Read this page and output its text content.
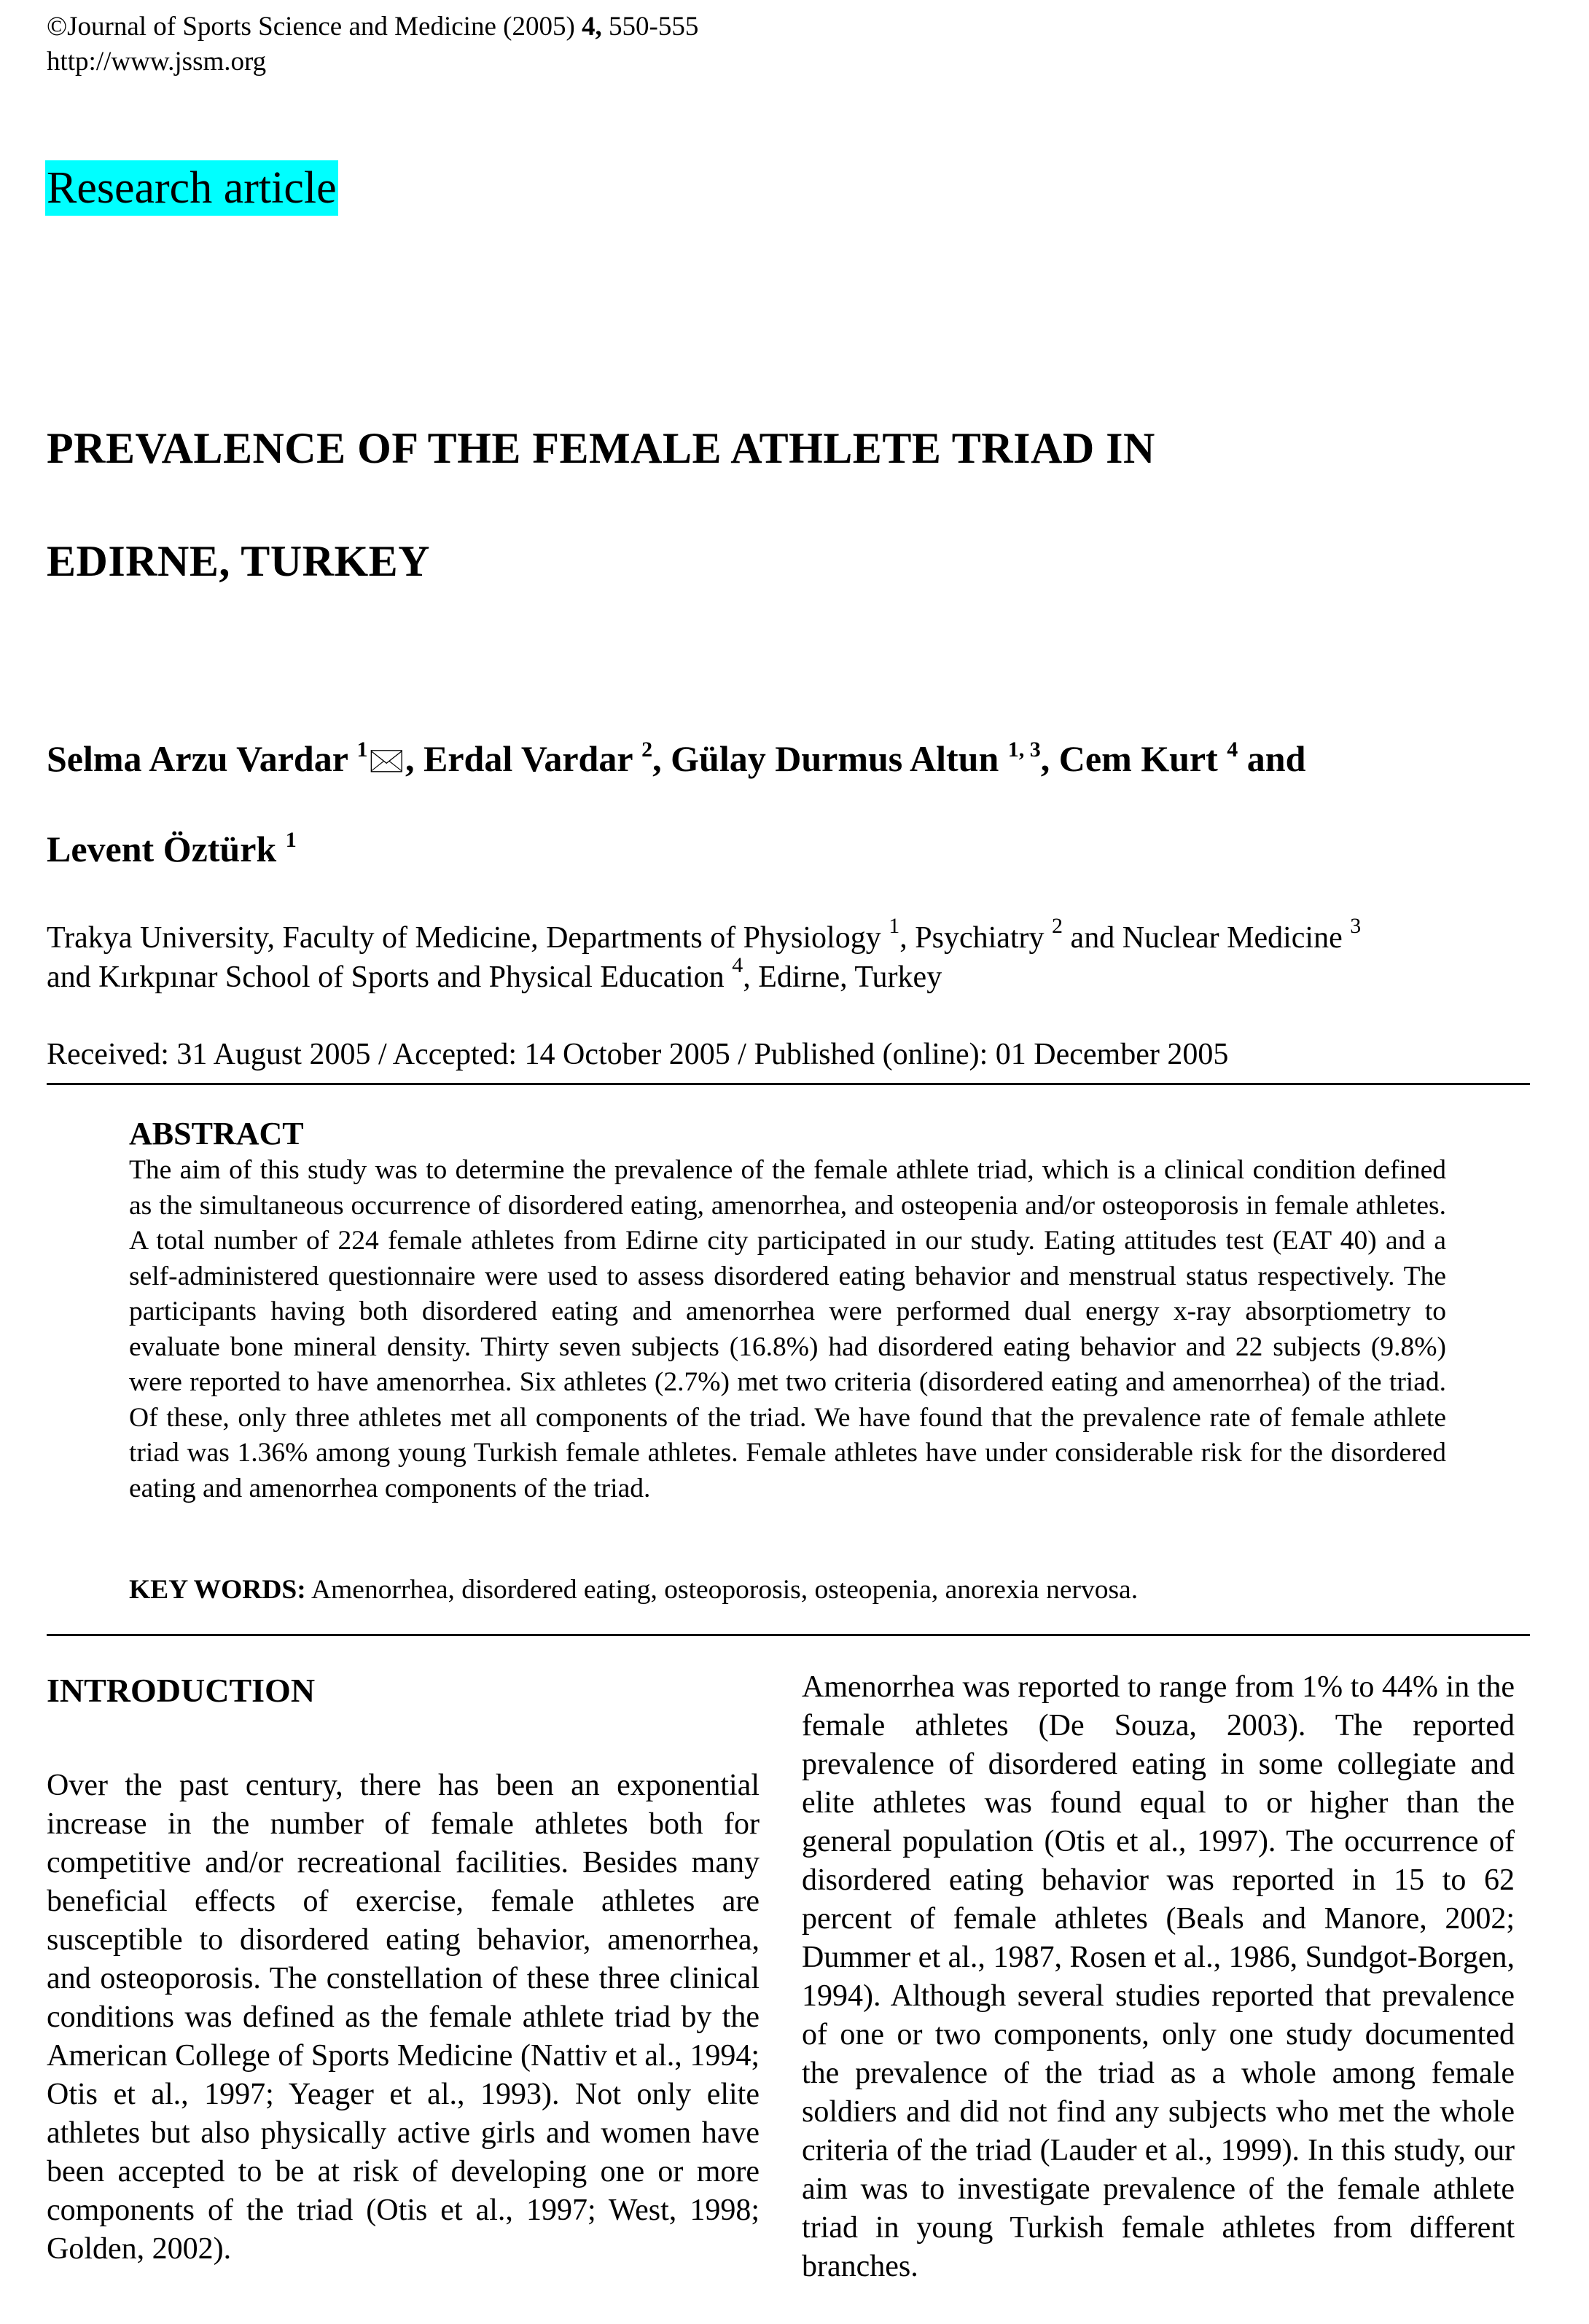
©Journal of Sports Science and Medicine (2005) 4, 550-555
http://www.jssm.org
Research article
PREVALENCE OF THE FEMALE ATHLETE TRIAD IN
EDIRNE, TURKEY
Selma Arzu Vardar $^1$🖂, Erdal Vardar $^2$, Gülay Durmus Altun $^{1, 3}$, Cem Kurt $^4$ and
Levent Öztürk $^1$
Trakya University, Faculty of Medicine, Departments of Physiology $^1$, Psychiatry $^2$ and Nuclear Medicine $^3$
and Kırkpınar School of Sports and Physical Education $^4$, Edirne, Turkey
Received: 31 August 2005 / Accepted: 14 October 2005 / Published (online): 01 December 2005
ABSTRACT
The aim of this study was to determine the prevalence of the female athlete triad, which is a clinical condition defined as the simultaneous occurrence of disordered eating, amenorrhea, and osteopenia and/or osteoporosis in female athletes. A total number of 224 female athletes from Edirne city participated in our study. Eating attitudes test (EAT 40) and a self-administered questionnaire were used to assess disordered eating behavior and menstrual status respectively. The participants having both disordered eating and amenorrhea were performed dual energy x-ray absorptiometry to evaluate bone mineral density. Thirty seven subjects (16.8%) had disordered eating behavior and 22 subjects (9.8%) were reported to have amenorrhea. Six athletes (2.7%) met two criteria (disordered eating and amenorrhea) of the triad. Of these, only three athletes met all components of the triad. We have found that the prevalence rate of female athlete triad was 1.36% among young Turkish female athletes. Female athletes have under considerable risk for the disordered eating and amenorrhea components of the triad.
KEY WORDS: Amenorrhea, disordered eating, osteoporosis, osteopenia, anorexia nervosa.
INTRODUCTION
Over the past century, there has been an exponential increase in the number of female athletes both for competitive and/or recreational facilities. Besides many beneficial effects of exercise, female athletes are susceptible to disordered eating behavior, amenorrhea, and osteoporosis. The constellation of these three clinical conditions was defined as the female athlete triad by the American College of Sports Medicine (Nattiv et al., 1994; Otis et al., 1997; Yeager et al., 1993). Not only elite athletes but also physically active girls and women have been accepted to be at risk of developing one or more components of the triad (Otis et al., 1997; West, 1998; Golden, 2002).
Amenorrhea was reported to range from 1% to 44% in the female athletes (De Souza, 2003). The reported prevalence of disordered eating in some collegiate and elite athletes was found equal to or higher than the general population (Otis et al., 1997). The occurrence of disordered eating behavior was reported in 15 to 62 percent of female athletes (Beals and Manore, 2002; Dummer et al., 1987, Rosen et al., 1986, Sundgot-Borgen, 1994). Although several studies reported that prevalence of one or two components, only one study documented the prevalence of the triad as a whole among female soldiers and did not find any subjects who met the whole criteria of the triad (Lauder et al., 1999). In this study, our aim was to investigate prevalence of the female athlete triad in young Turkish female athletes from different branches.
